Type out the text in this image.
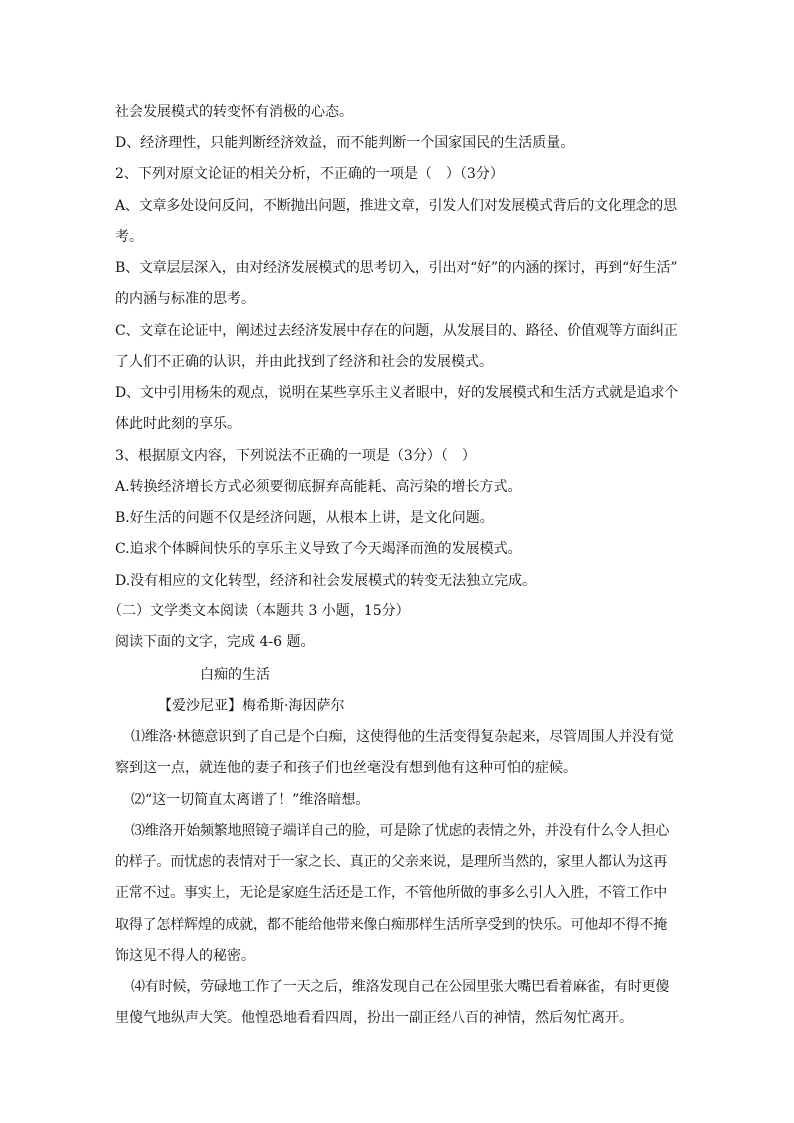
社会发展模式的转变怀有消极的心态。
D、经济理性，只能判断经济效益，而不能判断一个国家国民的生活质量。
2、下列对原文论证的相关分析，不正确的一项是（　）（3分）
A、文章多处设问反问，不断抛出问题，推进文章，引发人们对发展模式背后的文化理念的思
考。
B、文章层层深入，由对经济发展模式的思考切入，引出对“好”的内涵的探讨，再到“好生活”
的内涵与标准的思考。
C、文章在论证中，阐述过去经济发展中存在的问题，从发展目的、路径、价值观等方面纠正
了人们不正确的认识，并由此找到了经济和社会的发展模式。
D、文中引用杨朱的观点，说明在某些享乐主义者眼中，好的发展模式和生活方式就是追求个
体此时此刻的享乐。
3、根据原文内容，下列说法不正确的一项是（3分）（　）
A.转换经济增长方式必须要彻底摒弃高能耗、高污染的增长方式。
B.好生活的问题不仅是经济问题，从根本上讲，是文化问题。
C.追求个体瞬间快乐的享乐主义导致了今天竭泽而渔的发展模式。
D.没有相应的文化转型，经济和社会发展模式的转变无法独立完成。
（二）文学类文本阅读（本题共 3 小题，15分）
阅读下面的文字，完成 4-6 题。
白痴的生活
【爱沙尼亚】梅希斯·海因萨尔
⑴维洛·林德意识到了自己是个白痴，这使得他的生活变得复杂起来，尽管周围人并没有觉
察到这一点，就连他的妻子和孩子们也丝毫没有想到他有这种可怕的症候。
⑵“这一切简直太离谱了！”维洛暗想。
⑶维洛开始频繁地照镜子端详自己的脸，可是除了忧虑的表情之外，并没有什么令人担心
的样子。而忧虑的表情对于一家之长、真正的父亲来说，是理所当然的，家里人都认为这再
正常不过。事实上，无论是家庭生活还是工作，不管他所做的事多么引人入胜，不管工作中
取得了怎样辉煌的成就，都不能给他带来像白痴那样生活所享受到的快乐。可他却不得不掩
饰这见不得人的秘密。
⑷有时候，劳碌地工作了一天之后，维洛发现自己在公园里张大嘴巴看着麻雀，有时更傻
里傻气地纵声大笑。他惶恐地看看四周，扮出一副正经八百的神情，然后匆忙离开。
